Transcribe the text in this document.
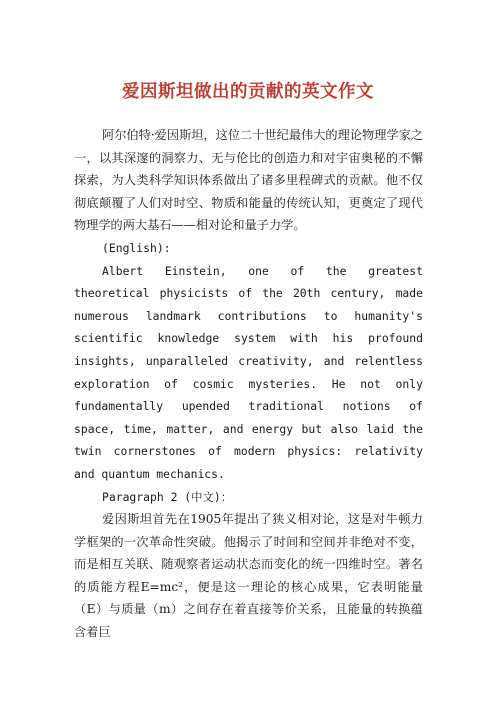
爱因斯坦做出的贡献的英文作文

阿尔伯特·爱因斯坦，这位二十世纪最伟大的理论物理学家之一，以其深邃的洞察力、无与伦比的创造力和对宇宙奥秘的不懈探索，为人类科学知识体系做出了诸多里程碑式的贡献。他不仅彻底颠覆了人们对时空、物质和能量的传统认知，更奠定了现代物理学的两大基石——相对论和量子力学。

(English):

Albert Einstein, one of the greatest theoretical physicists of the 20th century, made numerous landmark contributions to humanity's scientific knowledge system with his profound insights, unparalleled creativity, and relentless exploration of cosmic mysteries. He not only fundamentally upended traditional notions of space, time, matter, and energy but also laid the twin cornerstones of modern physics: relativity and quantum mechanics.

Paragraph 2 (中文)：

爱因斯坦首先在1905年提出了狭义相对论，这是对牛顿力学框架的一次革命性突破。他揭示了时间和空间并非绝对不变，而是相互关联、随观察者运动状态而变化的统一四维时空。著名的质能方程E=mc²，便是这一理论的核心成果，它表明能量（E）与质量（m）之间存在着直接等价关系，且能量的转换蕴含着巨
